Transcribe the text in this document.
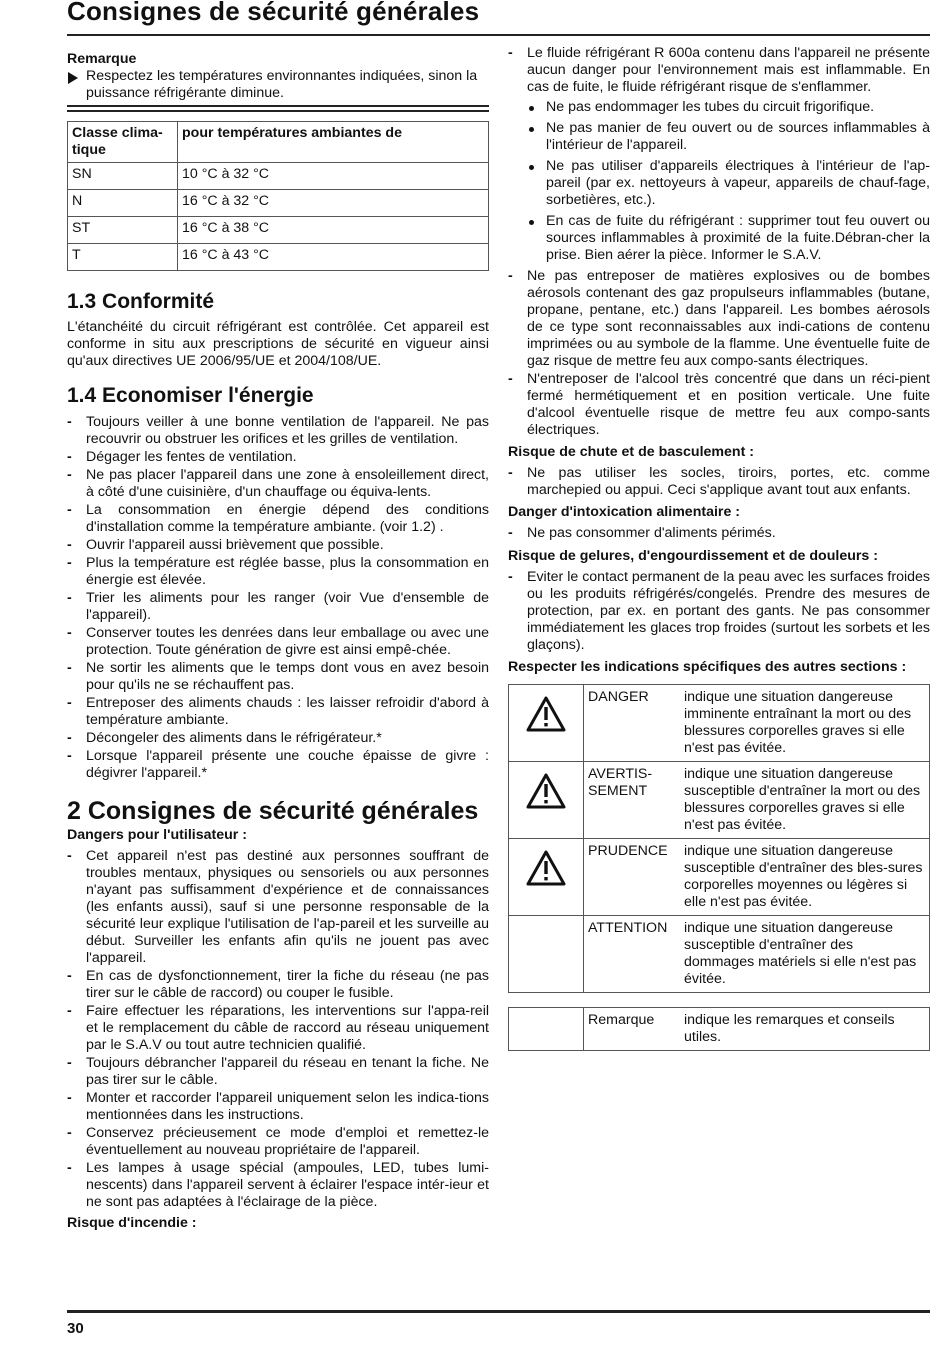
Consignes de sécurité générales

Remarque

Respectez les températures environnantes indiquées, sinon la puissance réfrigérante diminue.

Classe clima-tique	pour températures ambiantes de
SN	10 °C à 32 °C
N	16 °C à 32 °C
ST	16 °C à 38 °C
T	16 °C à 43 °C
1.3 Conformité

L'étanchéité du circuit réfrigérant est contrôlée. Cet appareil est conforme in situ aux prescriptions de sécurité en vigueur ainsi qu'aux directives UE 2006/95/UE et 2004/108/UE.

1.4 Economiser l'énergie
- Toujours veiller à une bonne ventilation de l'appareil. Ne pas recouvrir ou obstruer les orifices et les grilles de ventilation.
- Dégager les fentes de ventilation.
- Ne pas placer l'appareil dans une zone à ensoleillement direct, à côté d'une cuisinière, d'un chauffage ou équiva-lents.
- La consommation en énergie dépend des conditions d'installation comme la température ambiante. (voir 1.2) .
- Ouvrir l'appareil aussi brièvement que possible.
- Plus la température est réglée basse, plus la consommation en énergie est élevée.
- Trier les aliments pour les ranger (voir Vue d'ensemble de l'appareil).
- Conserver toutes les denrées dans leur emballage ou avec une protection. Toute génération de givre est ainsi empê-chée.
- Ne sortir les aliments que le temps dont vous en avez besoin pour qu'ils ne se réchauffent pas.
- Entreposer des aliments chauds : les laisser refroidir d'abord à température ambiante.
- Décongeler des aliments dans le réfrigérateur.*
- Lorsque l'appareil présente une couche épaisse de givre : dégivrer l'appareil.*
2 Consignes de sécurité générales

Dangers pour l'utilisateur :

- Cet appareil n'est pas destiné aux personnes souffrant de troubles mentaux, physiques ou sensoriels ou aux personnes n'ayant pas suffisamment d'expérience et de connaissances (les enfants aussi), sauf si une personne responsable de la sécurité leur explique l'utilisation de l'ap-pareil et les surveille au début. Surveiller les enfants afin qu'ils ne jouent pas avec l'appareil.
- En cas de dysfonctionnement, tirer la fiche du réseau (ne pas tirer sur le câble de raccord) ou couper le fusible.
- Faire effectuer les réparations, les interventions sur l'appa-reil et le remplacement du câble de raccord au réseau uniquement par le S.A.V ou tout autre technicien qualifié.
- Toujours débrancher l'appareil du réseau en tenant la fiche. Ne pas tirer sur le câble.
- Monter et raccorder l'appareil uniquement selon les indica-tions mentionnées dans les instructions.
- Conservez précieusement ce mode d'emploi et remettez-le éventuellement au nouveau propriétaire de l'appareil.
- Les lampes à usage spécial (ampoules, LED, tubes lumi-nescents) dans l'appareil servent à éclairer l'espace intér-ieur et ne sont pas adaptées à l'éclairage de la pièce.

Risque d'incendie :

- Le fluide réfrigérant R 600a contenu dans l'appareil ne présente aucun danger pour l'environnement mais est inflammable. En cas de fuite, le fluide réfrigérant risque de s'enflammer.
Ne pas endommager les tubes du circuit frigorifique.
Ne pas manier de feu ouvert ou de sources inflammables à l'intérieur de l'appareil.
Ne pas utiliser d'appareils électriques à l'intérieur de l'ap-pareil (par ex. nettoyeurs à vapeur, appareils de chauf-fage, sorbetières, etc.).
En cas de fuite du réfrigérant : supprimer tout feu ouvert ou sources inflammables à proximité de la fuite.Débran-cher la prise. Bien aérer la pièce. Informer le S.A.V.
- Ne pas entreposer de matières explosives ou de bombes aérosols contenant des gaz propulseurs inflammables (butane, propane, pentane, etc.) dans l'appareil. Les bombes aérosols de ce type sont reconnaissables aux indi-cations de contenu imprimées ou au symbole de la flamme. Une éventuelle fuite de gaz risque de mettre feu aux compo-sants électriques.
- N'entreposer de l'alcool très concentré que dans un réci-pient fermé hermétiquement et en position verticale. Une fuite d'alcool éventuelle risque de mettre feu aux compo-sants électriques.

Risque de chute et de basculement :

- Ne pas utiliser les socles, tiroirs, portes, etc. comme marchepied ou appui. Ceci s'applique avant tout aux enfants.

Danger d'intoxication alimentaire :

- Ne pas consommer d'aliments périmés.

Risque de gelures, d'engourdissement et de douleurs :

- Eviter le contact permanent de la peau avec les surfaces froides ou les produits réfrigérés/congelés. Prendre des mesures de protection, par ex. en portant des gants. Ne pas consommer immédiatement les glaces trop froides (surtout les sorbets et les glaçons).

Respecter les indications spécifiques des autres sections :

	DANGER	indique une situation dangereuse imminente entraînant la mort ou des blessures corporelles graves si elle n'est pas évitée.
	AVERTIS-SEMENT	indique une situation dangereuse susceptible d'entraîner la mort ou des blessures corporelles graves si elle n'est pas évitée.
	PRUDENCE	indique une situation dangereuse susceptible d'entraîner des bles-sures corporelles moyennes ou légères si elle n'est pas évitée.
	ATTENTION	indique une situation dangereuse susceptible d'entraîner des dommages matériels si elle n'est pas évitée.

	Remarque	indique les remarques et conseils utiles.
30
